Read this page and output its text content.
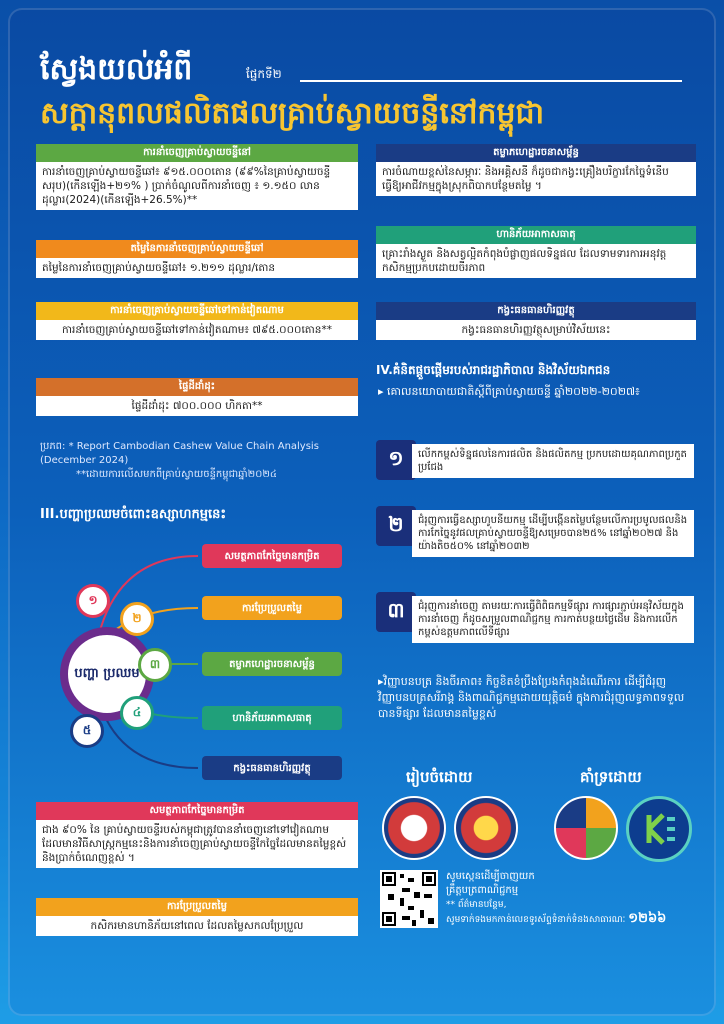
ស្វែងយល់អំពី	ផ្នែកទី២
សក្តានុពលផលិតផលគ្រាប់ស្វាយចន្ទីនៅកម្ពុជា
ការនាំចេញគ្រាប់ស្វាយចន្ទីនៅ
ការនាំចេញគ្រាប់ស្វាយចន្ទីឆៅ៖ ៩១៥.០០០តោន (៩៩%នៃគ្រាប់ស្វាយចន្ទីសរុប)(កើនឡើង+២១% ) ប្រាក់ចំណូលពីការនាំចេញ ៖ ១.១៥០ លានដុល្លារ(2024)(កើនឡើង+26.5%)**
តម្លៃនៃការនាំចេញគ្រាប់ស្វាយចន្ទីឆៅ
តម្លៃនៃការនាំចេញគ្រាប់ស្វាយចន្ទីឆៅ៖ ១.២១១ ដុល្លារ/តោន
ការនាំចេញគ្រាប់ស្វាយចន្ទីឆៅទៅកាន់វៀតណាម
ការនាំចេញគ្រាប់ស្វាយចន្ទីឆៅទៅកាន់វៀតណាម៖ ៧៩៥.០០០តោន**
ផ្ទៃដីដាំដុះ
ផ្ទៃដីដាំដុះ ៧០០.០០០ ហិកតា**
ប្រភព: * Report Cambodian Cashew Value Chain Analysis (December 2024)
**ដោយការលើសមកពីគ្រាប់ស្វាយចន្ទីកម្ពុជាឆ្នាំ២០២៤
III.បញ្ហាប្រឈមចំពោះឧស្សាហកម្មនេះ
បញ្ហា ប្រឈម
១
២
៣
៤
៥
សមត្ថភាពកែច្នៃមានកម្រិត
ការប្រែប្រួលតម្លៃ
តម្លាភហេដ្ឋារចនាសម្ព័ន្ធ
ហានិភ័យអាកាសធាតុ
កង្វះធនធានហិរញ្ញវត្ថុ
សមត្ថភាពកែច្នៃមានកម្រិត
ជាង ៩០% នៃ គ្រាប់ស្វាយចន្ទីរបស់កម្ពុជាត្រូវបាននាំចេញនៅទៅវៀតណាម ដែលមានវិធីសាស្ត្រកម្មនេះនិងការនាំចេញគ្រាប់ស្វាយចន្ទីកែច្នៃដែលមានតម្លៃខ្ពស់ និងប្រាក់ចំណេញខ្ពស់ ។
ការប្រែប្រួលតម្លៃ
កសិករមានហានិភ័យនៅពេល ដែលតម្លៃសកលប្រែប្រួល
តម្លាភហេដ្ឋារចនាសម្ព័ន្ធ
ការចំណាយខ្ពស់នៃសម្ភារៈ និងអគ្គិសនី ក៏ដូចជាកង្វះគ្រឿងបរិក្ខារកែច្នៃទំនើប ធ្វើឱ្យអាជីវកម្មក្នុងស្រុកពិបាកបន្ថែមតម្លៃ ។
ហានិភ័យអាកាសធាតុ
គ្រោះរាំងស្ងួត និងសត្វល្អិតកំពុងបំផ្លាញផលទិន្នផល ដែលទាមទារការអនុវត្តកសិកម្មប្រកបដោយចីរភាព
កង្វះធនធានហិរញ្ញវត្ថុ
កង្វះធនធានហិរញ្ញវត្ថុសម្រាប់វិស័យនេះ
IV.គំនិតផ្តួចផ្តើមរបស់រាជរដ្ឋាភិបាល និងវិស័យឯកជន
▸ គោលនយោបាយជាតិស្តីពីគ្រាប់ស្វាយចន្ទី ឆ្នាំ២០២២-២០២៧៖
១	លើកកម្ពស់ទិន្នផលនៃការផលិត និងផលិតកម្ម ប្រកបដោយគុណភាពប្រកួតប្រជែង
២	ជំរុញការធ្វើឧស្សាហូបនីយកម្ម ដើម្បីបង្កើនតម្លៃបន្ថែមលើការប្រមូលផលនិងការកែច្នៃនូវផលគ្រាប់ស្វាយចន្ទីឱ្យសម្រេចបាន២៥% នៅឆ្នាំ២០២៧ និងយ៉ាងតិច៥០% នៅឆ្នាំ២០៣២
៣	ជំរុញការនាំចេញ តាមរយៈការធ្វើពិពិធកម្មទីផ្សារ ការផ្សារភ្ជាប់អនុវិស័យក្នុងការនាំចេញ ក៏ដូចសម្រួលពាណិជ្ជកម្ម ការកាត់បន្ថយថ្លៃដើម និងការលើកកម្ពស់ឧត្តមភាពលើទីផ្សារ
▸វិញ្ញាបនបត្រ និងចីរភាព៖ កិច្ចខិតខំប្រឹងប្រែងកំពុងដំណើរការ ដើម្បីជំរុញវិញ្ញាបនបត្រសរីរាង្គ និងពាណិជ្ជកម្មដោយយុត្តិធម៌ ក្នុងការជំរុញលទ្ធភាពទទួលបានទីផ្សារ ដែលមានតម្លៃខ្ពស់
រៀបចំដោយ	គាំទ្រដោយ
សូមស្កេនដើម្បីចាញយក
គ្រឹត្តបត្រពាណិជ្ជកម្ម
** ព័ត៌មានបន្ថែម,
សូមទាក់ទងមកកាន់លេខទូរស័ព្ទទំនាក់ទំនងសាធារណៈ ១២៦៦
